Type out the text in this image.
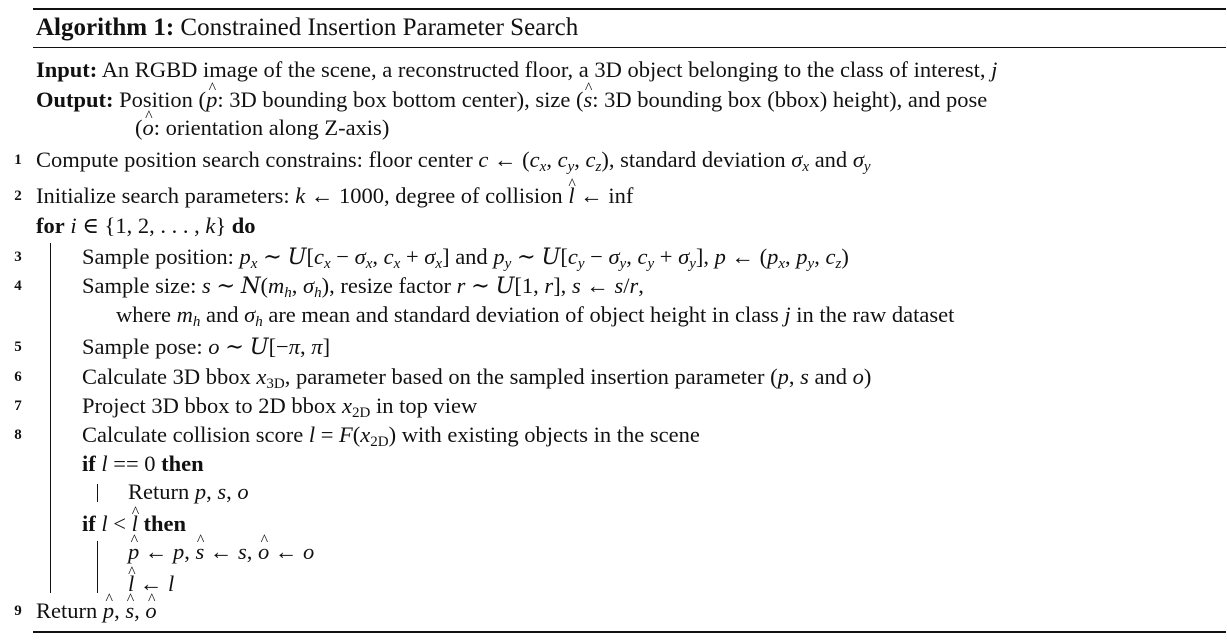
Algorithm 1: Constrained Insertion Parameter Search
Input: An RGBD image of the scene, a reconstructed floor, a 3D object belonging to the class of interest, j
Output: Position (^ p: 3D bounding box bottom center), size (^ s: 3D bounding box (bbox) height), and pose
(^ o: orientation along Z-axis)
1 Compute position search constrains: floor center c ← ($c_x$, $c_y$, $c_z$), standard deviation $\sigma_x$ and $\sigma_y$
2 Initialize search parameters: k ← 1000, degree of collision ^ l ← inf
for i ∈ {1, 2, . . . , k} do
3	Sample position: $p_x$ ∼ $U[c_x - \sigma_x$, $c_x + \sigma_x$] and $p_y$ ∼ $U[c_y - \sigma_y$, $c_y + \sigma_y$], p ← ($p_x$, $p_y$, $c_z$)
4	Sample size: s ∼ $N(m_h$, $\sigma_h$), resize factor r ∼ U[1, r], s ← s/r,
where $m_h$ and $\sigma_h$ are mean and standard deviation of object height in class j in the raw dataset
5	Sample pose: o ∼ U[−π, π]
6	Calculate 3D bbox $x_{3D}$, parameter based on the sampled insertion parameter (p, s and o)
7	Project 3D bbox to 2D bbox $x_{2D}$ in top view
8	Calculate collision score $l = F(x_{2D})$ with existing objects in the scene
if l == 0 then
Return p, s, o
if l < ^ l then
^ p ← p, ^ s ← s, ^ o ← o
^ l ← l
9 Return ^ p, ^ s, ^ o
